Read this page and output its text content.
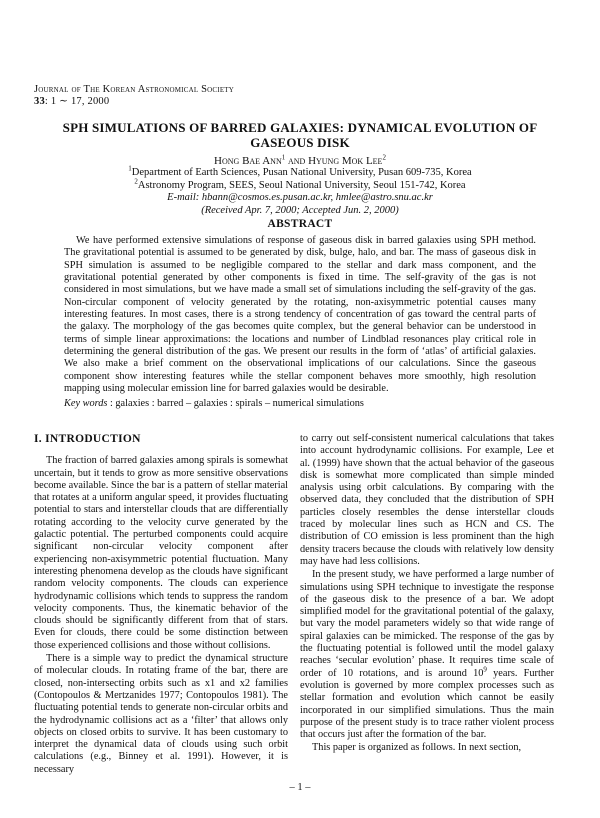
Journal of The Korean Astronomical Society
33: 1 ∼ 17, 2000
SPH SIMULATIONS OF BARRED GALAXIES: DYNAMICAL EVOLUTION OF
GASEOUS DISK
Hong Bae Ann$^1$ and Hyung Mok Lee$^2$
$^1$Department of Earth Sciences, Pusan National University, Pusan 609-735, Korea
$^2$Astronomy Program, SEES, Seoul National University, Seoul 151-742, Korea
E-mail: hbann@cosmos.es.pusan.ac.kr, hmlee@astro.snu.ac.kr
(Received Apr. 7, 2000; Accepted Jun. 2, 2000)
ABSTRACT

We have performed extensive simulations of response of gaseous disk in barred galaxies using SPH method. The gravitational potential is assumed to be generated by disk, bulge, halo, and bar. The mass of gaseous disk in SPH simulation is assumed to be negligible compared to the stellar and dark mass component, and the gravitational potential generated by other components is fixed in time. The self-gravity of the gas is not considered in most simulations, but we have made a small set of simulations including the self-gravity of the gas. Non-circular component of velocity generated by the rotating, non-axisymmetric potential causes many interesting features. In most cases, there is a strong tendency of concentration of gas toward the central parts of the galaxy. The morphology of the gas becomes quite complex, but the general behavior can be understood in terms of simple linear approximations: the locations and number of Lindblad resonances play critical role in determining the general distribution of the gas. We present our results in the form of ‘atlas’ of artificial galaxies. We also make a brief comment on the observational implications of our calculations. Since the gaseous component show interesting features while the stellar component behaves more smoothly, high resolution mapping using molecular emission line for barred galaxies would be desirable.

Key words : galaxies : barred – galaxies : spirals – numerical simulations
I. INTRODUCTION

The fraction of barred galaxies among spirals is somewhat uncertain, but it tends to grow as more sensitive observations become available. Since the bar is a pattern of stellar material that rotates at a uniform angular speed, it provides fluctuating potential to stars and interstellar clouds that are differentially rotating according to the velocity curve generated by the galactic potential. The perturbed components could acquire significant non-circular velocity component after experiencing non-axisymmetric potential fluctuation. Many interesting phenomena develop as the clouds have significant random velocity components. The clouds can experience hydrodynamic collisions which tends to suppress the random velocity components. Thus, the kinematic behavior of the clouds should be significantly different from that of stars. Even for clouds, there could be some distinction between those experienced collisions and those without collisions.

There is a simple way to predict the dynamical structure of molecular clouds. In rotating frame of the bar, there are closed, non-intersecting orbits such as x1 and x2 families (Contopoulos & Mertzanides 1977; Contopoulos 1981). The fluctuating potential tends to generate non-circular orbits and the hydrodynamic collisions act as a ‘filter’ that allows only objects on closed orbits to survive. It has been customary to interpret the dynamical data of clouds using such orbit calculations (e.g., Binney et al. 1991). However, it is necessary

to carry out self-consistent numerical calculations that takes into account hydrodynamic collisions. For example, Lee et al. (1999) have shown that the actual behavior of the gaseous disk is somewhat more complicated than simple minded analysis using orbit calculations. By comparing with the observed data, they concluded that the distribution of SPH particles closely resembles the dense interstellar clouds traced by molecular lines such as HCN and CS. The distribution of CO emission is less prominent than the high density tracers because the clouds with relatively low density may have had less collisions.

In the present study, we have performed a large number of simulations using SPH technique to investigate the response of the gaseous disk to the presence of a bar. We adopt simplified model for the gravitational potential of the galaxy, but vary the model parameters widely so that wide range of spiral galaxies can be mimicked. The response of the gas by the fluctuating potential is followed until the model galaxy reaches ‘secular evolution’ phase. It requires time scale of order of 10 rotations, and is around $10^9$ years. Further evolution is governed by more complex processes such as stellar formation and evolution which cannot be easily incorporated in our simplified simulations. Thus the main purpose of the present study is to trace rather violent process that occurs just after the formation of the bar.

This paper is organized as follows. In next section,

– 1 –
